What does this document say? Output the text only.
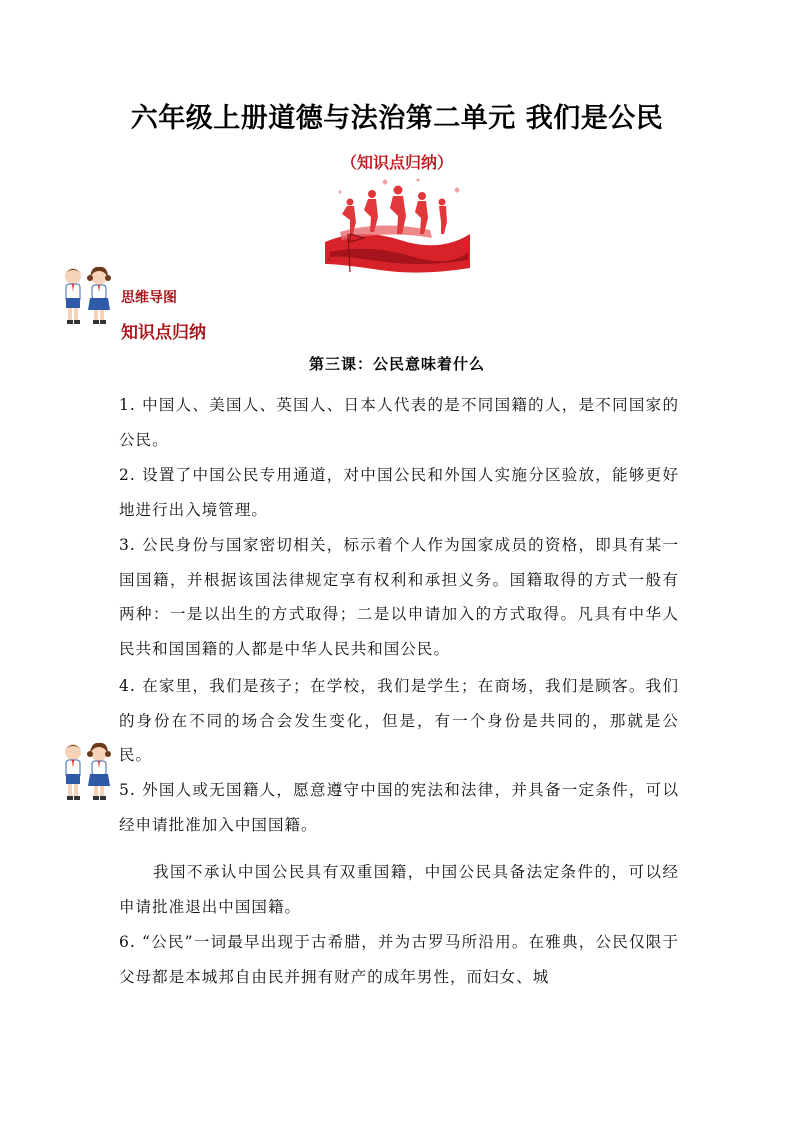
六年级上册道德与法治第二单元 我们是公民
（知识点归纳）
思维导图
知识点归纳
第三课：公民意味着什么

1. 中国人、美国人、英国人、日本人代表的是不同国籍的人，是不同国家的公民。

2. 设置了中国公民专用通道，对中国公民和外国人实施分区验放，能够更好地进行出入境管理。

3. 公民身份与国家密切相关，标示着个人作为国家成员的资格，即具有某一国国籍，并根据该国法律规定享有权利和承担义务。国籍取得的方式一般有两种：一是以出生的方式取得；二是以申请加入的方式取得。凡具有中华人民共和国国籍的人都是中华人民共和国公民。

4. 在家里，我们是孩子；在学校，我们是学生；在商场，我们是顾客。我们的身份在不同的场合会发生变化，但是，有一个身份是共同的，那就是公民。

5. 外国人或无国籍人，愿意遵守中国的宪法和法律，并具备一定条件，可以经申请批准加入中国国籍。

　　我国不承认中国公民具有双重国籍，中国公民具备法定条件的，可以经申请批准退出中国国籍。

6. “公民”一词最早出现于古希腊，并为古罗马所沿用。在雅典，公民仅限于父母都是本城邦自由民并拥有财产的成年男性，而妇女、城
